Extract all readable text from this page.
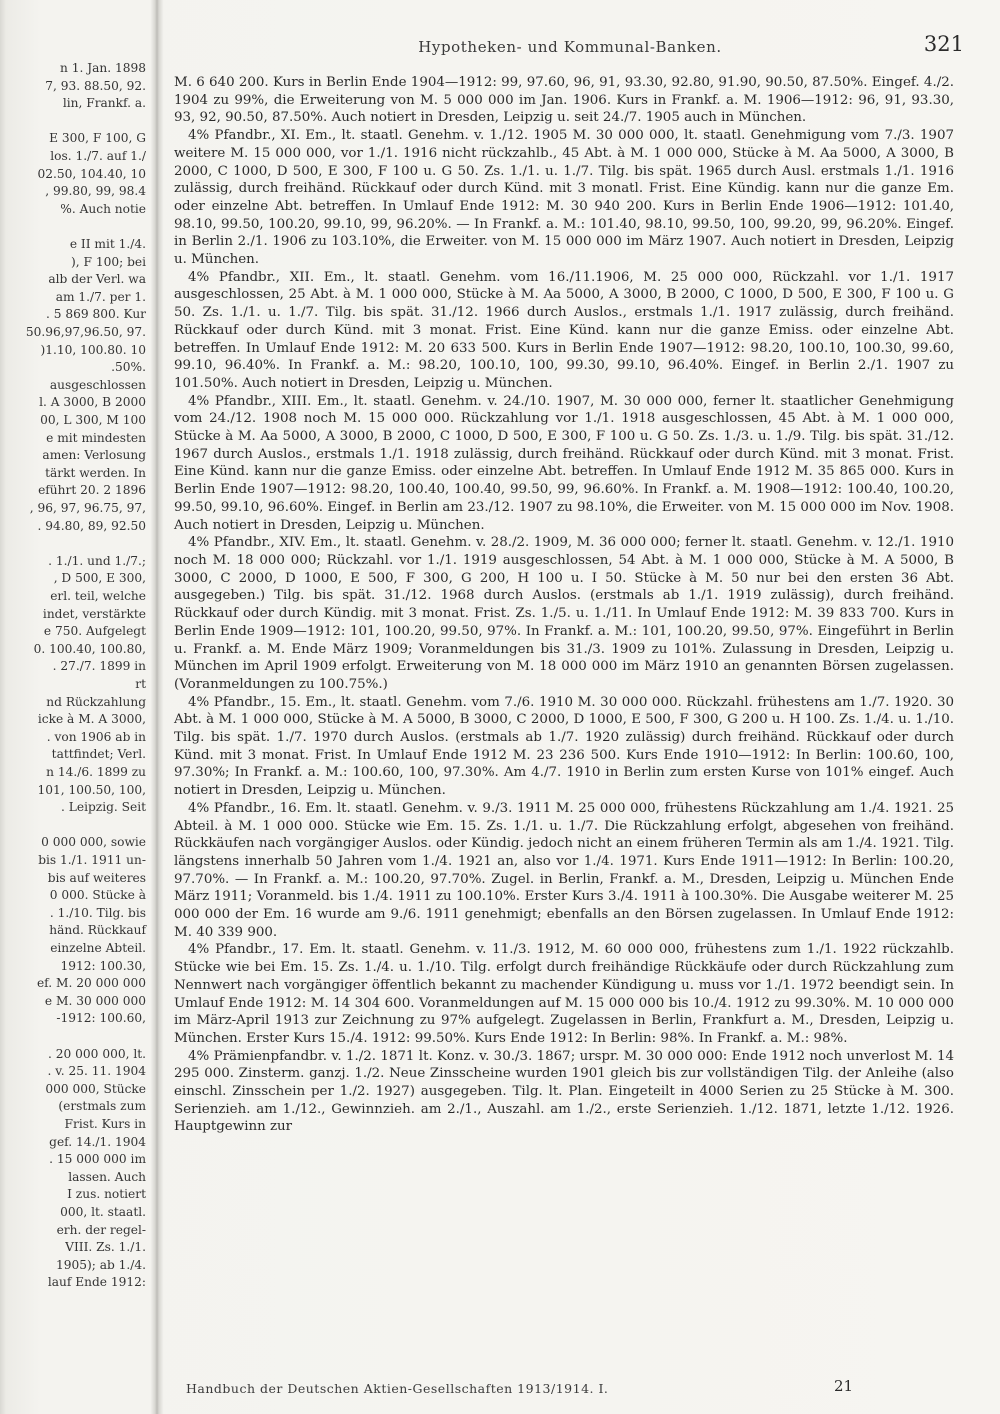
n 1. Jan. 1898
7, 93. 88.50, 92.
lin, Frankf. a.
E 300, F 100, G
los. 1./7. auf 1./
02.50, 104.40, 10
, 99.80, 99, 98.4
%. Auch notie
e II mit 1./4.
), F 100; bei
alb der Verl. wa
am 1./7. per 1.
. 5 869 800. Kur
50.96,97,96.50, 97.
)1.10, 100.80. 10
.50%.
ausgeschlossen
l. A 3000, B 2000
00, L 300, M 100
e mit mindesten
amen: Verlosung
tärkt werden. In
eführt 20. 2 1896
, 96, 97, 96.75, 97,
. 94.80, 89, 92.50
. 1./1. und 1./7.;
, D 500, E 300,
erl. teil, welche
indet, verstärkte
e 750. Aufgelegt
0. 100.40, 100.80,
. 27./7. 1899 in
rt
nd Rückzahlung
icke à M. A 3000,
. von 1906 ab in
tattfindet; Verl.
n 14./6. 1899 zu
101, 100.50, 100,
. Leipzig. Seit
0 000 000, sowie
bis 1./1. 1911 un-
bis auf weiteres
0 000. Stücke à
. 1./10. Tilg. bis
händ. Rückkauf
einzelne Abteil.
1912: 100.30,
ef. M. 20 000 000
e M. 30 000 000
-1912: 100.60,
. 20 000 000, lt.
. v. 25. 11. 1904
000 000, Stücke
(erstmals zum
Frist. Kurs in
gef. 14./1. 1904
. 15 000 000 im
lassen. Auch
I zus. notiert
000, lt. staatl.
erh. der regel-
VIII. Zs. 1./1.
1905); ab 1./4.
lauf Ende 1912:
Hypotheken- und Kommunal-Banken.	321

M. 6 640 200. Kurs in Berlin Ende 1904—1912: 99, 97.60, 96, 91, 93.30, 92.80, 91.90, 90.50, 87.50%. Eingef. 4./2. 1904 zu 99%, die Erweiterung von M. 5 000 000 im Jan. 1906. Kurs in Frankf. a. M. 1906—1912: 96, 91, 93.30, 93, 92, 90.50, 87.50%. Auch notiert in Dresden, Leipzig u. seit 24./7. 1905 auch in München.

4% Pfandbr., XI. Em., lt. staatl. Genehm. v. 1./12. 1905 M. 30 000 000, lt. staatl. Genehmigung vom 7./3. 1907 weitere M. 15 000 000, vor 1./1. 1916 nicht rückzahlb., 45 Abt. à M. 1 000 000, Stücke à M. Aa 5000, A 3000, B 2000, C 1000, D 500, E 300, F 100 u. G 50. Zs. 1./1. u. 1./7. Tilg. bis spät. 1965 durch Ausl. erstmals 1./1. 1916 zulässig, durch freihänd. Rückkauf oder durch Künd. mit 3 monatl. Frist. Eine Kündig. kann nur die ganze Em. oder einzelne Abt. betreffen. In Umlauf Ende 1912: M. 30 940 200. Kurs in Berlin Ende 1906—1912: 101.40, 98.10, 99.50, 100.20, 99.10, 99, 96.20%. — In Frankf. a. M.: 101.40, 98.10, 99.50, 100, 99.20, 99, 96.20%. Eingef. in Berlin 2./1. 1906 zu 103.10%, die Erweiter. von M. 15 000 000 im März 1907. Auch notiert in Dresden, Leipzig u. München.

4% Pfandbr., XII. Em., lt. staatl. Genehm. vom 16./11.1906, M. 25 000 000, Rückzahl. vor 1./1. 1917 ausgeschlossen, 25 Abt. à M. 1 000 000, Stücke à M. Aa 5000, A 3000, B 2000, C 1000, D 500, E 300, F 100 u. G 50. Zs. 1./1. u. 1./7. Tilg. bis spät. 31./12. 1966 durch Auslos., erstmals 1./1. 1917 zulässig, durch freihänd. Rückkauf oder durch Künd. mit 3 monat. Frist. Eine Künd. kann nur die ganze Emiss. oder einzelne Abt. betreffen. In Umlauf Ende 1912: M. 20 633 500. Kurs in Berlin Ende 1907—1912: 98.20, 100.10, 100.30, 99.60, 99.10, 96.40%. In Frankf. a. M.: 98.20, 100.10, 100, 99.30, 99.10, 96.40%. Eingef. in Berlin 2./1. 1907 zu 101.50%. Auch notiert in Dresden, Leipzig u. München.

4% Pfandbr., XIII. Em., lt. staatl. Genehm. v. 24./10. 1907, M. 30 000 000, ferner lt. staatlicher Genehmigung vom 24./12. 1908 noch M. 15 000 000. Rückzahlung vor 1./1. 1918 ausgeschlossen, 45 Abt. à M. 1 000 000, Stücke à M. Aa 5000, A 3000, B 2000, C 1000, D 500, E 300, F 100 u. G 50. Zs. 1./3. u. 1./9. Tilg. bis spät. 31./12. 1967 durch Auslos., erstmals 1./1. 1918 zulässig, durch freihänd. Rückkauf oder durch Künd. mit 3 monat. Frist. Eine Künd. kann nur die ganze Emiss. oder einzelne Abt. betreffen. In Umlauf Ende 1912 M. 35 865 000. Kurs in Berlin Ende 1907—1912: 98.20, 100.40, 100.40, 99.50, 99, 96.60%. In Frankf. a. M. 1908—1912: 100.40, 100.20, 99.50, 99.10, 96.60%. Eingef. in Berlin am 23./12. 1907 zu 98.10%, die Erweiter. von M. 15 000 000 im Nov. 1908. Auch notiert in Dresden, Leipzig u. München.

4% Pfandbr., XIV. Em., lt. staatl. Genehm. v. 28./2. 1909, M. 36 000 000; ferner lt. staatl. Genehm. v. 12./1. 1910 noch M. 18 000 000; Rückzahl. vor 1./1. 1919 ausgeschlossen, 54 Abt. à M. 1 000 000, Stücke à M. A 5000, B 3000, C 2000, D 1000, E 500, F 300, G 200, H 100 u. I 50. Stücke à M. 50 nur bei den ersten 36 Abt. ausgegeben.) Tilg. bis spät. 31./12. 1968 durch Auslos. (erstmals ab 1./1. 1919 zulässig), durch freihänd. Rückkauf oder durch Kündig. mit 3 monat. Frist. Zs. 1./5. u. 1./11. In Umlauf Ende 1912: M. 39 833 700. Kurs in Berlin Ende 1909—1912: 101, 100.20, 99.50, 97%. In Frankf. a. M.: 101, 100.20, 99.50, 97%. Eingeführt in Berlin u. Frankf. a. M. Ende März 1909; Voranmeldungen bis 31./3. 1909 zu 101%. Zulassung in Dresden, Leipzig u. München im April 1909 erfolgt. Erweiterung von M. 18 000 000 im März 1910 an genannten Börsen zugelassen. (Voranmeldungen zu 100.75%.)

4% Pfandbr., 15. Em., lt. staatl. Genehm. vom 7./6. 1910 M. 30 000 000. Rückzahl. frühestens am 1./7. 1920. 30 Abt. à M. 1 000 000, Stücke à M. A 5000, B 3000, C 2000, D 1000, E 500, F 300, G 200 u. H 100. Zs. 1./4. u. 1./10. Tilg. bis spät. 1./7. 1970 durch Auslos. (erstmals ab 1./7. 1920 zulässig) durch freihänd. Rückkauf oder durch Künd. mit 3 monat. Frist. In Umlauf Ende 1912 M. 23 236 500. Kurs Ende 1910—1912: In Berlin: 100.60, 100, 97.30%; In Frankf. a. M.: 100.60, 100, 97.30%. Am 4./7. 1910 in Berlin zum ersten Kurse von 101% eingef. Auch notiert in Dresden, Leipzig u. München.

4% Pfandbr., 16. Em. lt. staatl. Genehm. v. 9./3. 1911 M. 25 000 000, frühestens Rückzahlung am 1./4. 1921. 25 Abteil. à M. 1 000 000. Stücke wie Em. 15. Zs. 1./1. u. 1./7. Die Rückzahlung erfolgt, abgesehen von freihänd. Rückkäufen nach vorgängiger Auslos. oder Kündig. jedoch nicht an einem früheren Termin als am 1./4. 1921. Tilg. längstens innerhalb 50 Jahren vom 1./4. 1921 an, also vor 1./4. 1971. Kurs Ende 1911—1912: In Berlin: 100.20, 97.70%. — In Frankf. a. M.: 100.20, 97.70%. Zugel. in Berlin, Frankf. a. M., Dresden, Leipzig u. München Ende März 1911; Voranmeld. bis 1./4. 1911 zu 100.10%. Erster Kurs 3./4. 1911 à 100.30%. Die Ausgabe weiterer M. 25 000 000 der Em. 16 wurde am 9./6. 1911 genehmigt; ebenfalls an den Börsen zugelassen. In Umlauf Ende 1912: M. 40 339 900.

4% Pfandbr., 17. Em. lt. staatl. Genehm. v. 11./3. 1912, M. 60 000 000, frühestens zum 1./1. 1922 rückzahlb. Stücke wie bei Em. 15. Zs. 1./4. u. 1./10. Tilg. erfolgt durch freihändige Rückkäufe oder durch Rückzahlung zum Nennwert nach vorgängiger öffentlich bekannt zu machender Kündigung u. muss vor 1./1. 1972 beendigt sein. In Umlauf Ende 1912: M. 14 304 600. Voranmeldungen auf M. 15 000 000 bis 10./4. 1912 zu 99.30%. M. 10 000 000 im März-April 1913 zur Zeichnung zu 97% aufgelegt. Zugelassen in Berlin, Frankfurt a. M., Dresden, Leipzig u. München. Erster Kurs 15./4. 1912: 99.50%. Kurs Ende 1912: In Berlin: 98%. In Frankf. a. M.: 98%.

4% Prämienpfandbr. v. 1./2. 1871 lt. Konz. v. 30./3. 1867; urspr. M. 30 000 000: Ende 1912 noch unverlost M. 14 295 000. Zinsterm. ganzj. 1./2. Neue Zinsscheine wurden 1901 gleich bis zur vollständigen Tilg. der Anleihe (also einschl. Zinsschein per 1./2. 1927) ausgegeben. Tilg. lt. Plan. Eingeteilt in 4000 Serien zu 25 Stücke à M. 300. Serienzieh. am 1./12., Gewinnzieh. am 2./1., Auszahl. am 1./2., erste Serienzieh. 1./12. 1871, letzte 1./12. 1926. Hauptgewinn zur

Handbuch der Deutschen Aktien-Gesellschaften 1913/1914. I.	21
